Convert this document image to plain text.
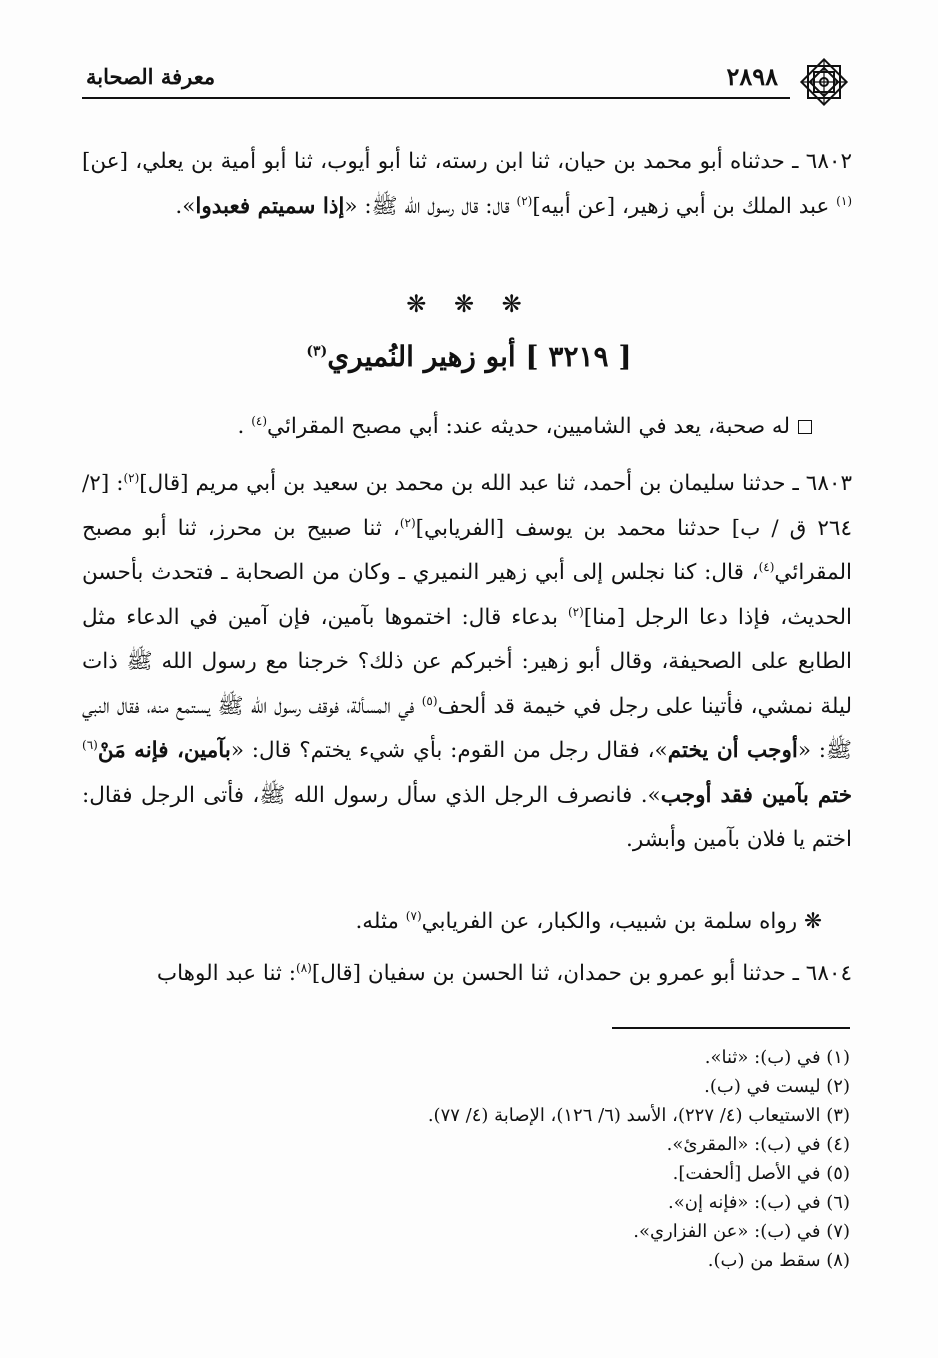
معرفة الصحابة	٢٨٩٨
٦٨٠٢ ـ حدثناه أبو محمد بن حيان، ثنا ابن رسته، ثنا أبو أيوب، ثنا أبو أمية بن يعلي، [عن]$^{(١)}$ عبد الملك بن أبي زهير، [عن أبيه]$^{(٢)}$ قال: قال رسول الله ﷺ: «إذا سميتم فعبدوا».
❋ ❋ ❋
[ ٣٢١٩ ] أبو زهير النُميري$^{(٣)}$
له صحبة، يعد في الشاميين، حديثه عند: أبي مصبح المقرائي$^{(٤)}$ .
٦٨٠٣ ـ حدثنا سليمان بن أحمد، ثنا عبد الله بن محمد بن سعيد بن أبي مريم [قال]$^{(٢)}$: [٢/ ٢٦٤ ق / ب] حدثنا محمد بن يوسف [الفريابي]$^{(٢)}$، ثنا صبيح بن محرز، ثنا أبو مصبح المقرائي$^{(٤)}$، قال: كنا نجلس إلى أبي زهير النميري ـ وكان من الصحابة ـ فتحدث بأحسن الحديث، فإذا دعا الرجل [منا]$^{(٢)}$ بدعاء قال: اختموها بآمين، فإن آمين في الدعاء مثل الطابع على الصحيفة، وقال أبو زهير: أخبركم عن ذلك؟ خرجنا مع رسول الله ﷺ ذات ليلة نمشي، فأتينا على رجل في خيمة قد ألحف$^{(٥)}$ في المسألة، فوقف رسول الله ﷺ يستمع منه، فقال النبي ﷺ: «أوجب أن يختم»، فقال رجل من القوم: بأي شيء يختم؟ قال: «بآمين، فإنه مَنْ$^{(٦)}$ ختم بآمين فقد أوجب». فانصرف الرجل الذي سأل رسول الله ﷺ، فأتى الرجل فقال: اختم يا فلان بآمين وأبشر.
❋ رواه سلمة بن شبيب، والكبار، عن الفريابي$^{(٧)}$ مثله.
٦٨٠٤ ـ حدثنا أبو عمرو بن حمدان، ثنا الحسن بن سفيان [قال]$^{(٨)}$: ثنا عبد الوهاب
(١) في (ب): «ثنا».
(٢) ليست في (ب).
(٣) الاستيعاب (٤/ ٢٢٧)، الأسد (٦/ ١٢٦)، الإصابة (٤/ ٧٧).
(٤) في (ب): «المقرئ».
(٥) في الأصل [ألحفت].
(٦) في (ب): «فإنه إن».
(٧) في (ب): «عن الفزاري».
(٨) سقط من (ب).
